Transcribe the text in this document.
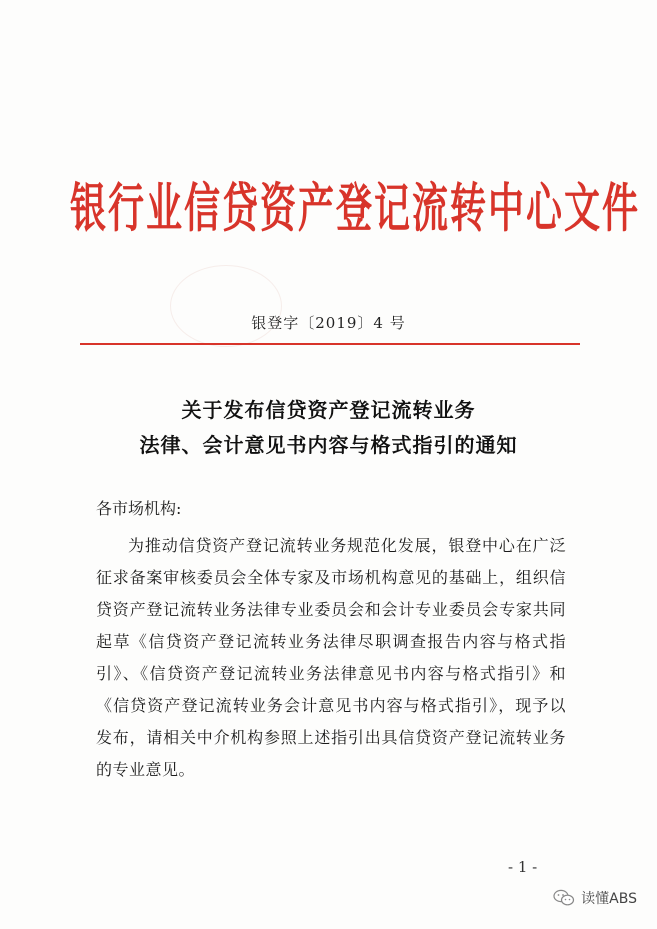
银行业信贷资产登记流转中心文件
银登字〔2019〕4 号
关于发布信贷资产登记流转业务
法律、会计意见书内容与格式指引的通知
各市场机构:
为推动信贷资产登记流转业务规范化发展，银登中心在广泛征求备案审核委员会全体专家及市场机构意见的基础上，组织信贷资产登记流转业务法律专业委员会和会计专业委员会专家共同起草《信贷资产登记流转业务法律尽职调查报告内容与格式指引》、《信贷资产登记流转业务法律意见书内容与格式指引》和《信贷资产登记流转业务会计意见书内容与格式指引》，现予以发布，请相关中介机构参照上述指引出具信贷资产登记流转业务的专业意见。
- 1 -
读懂ABS
